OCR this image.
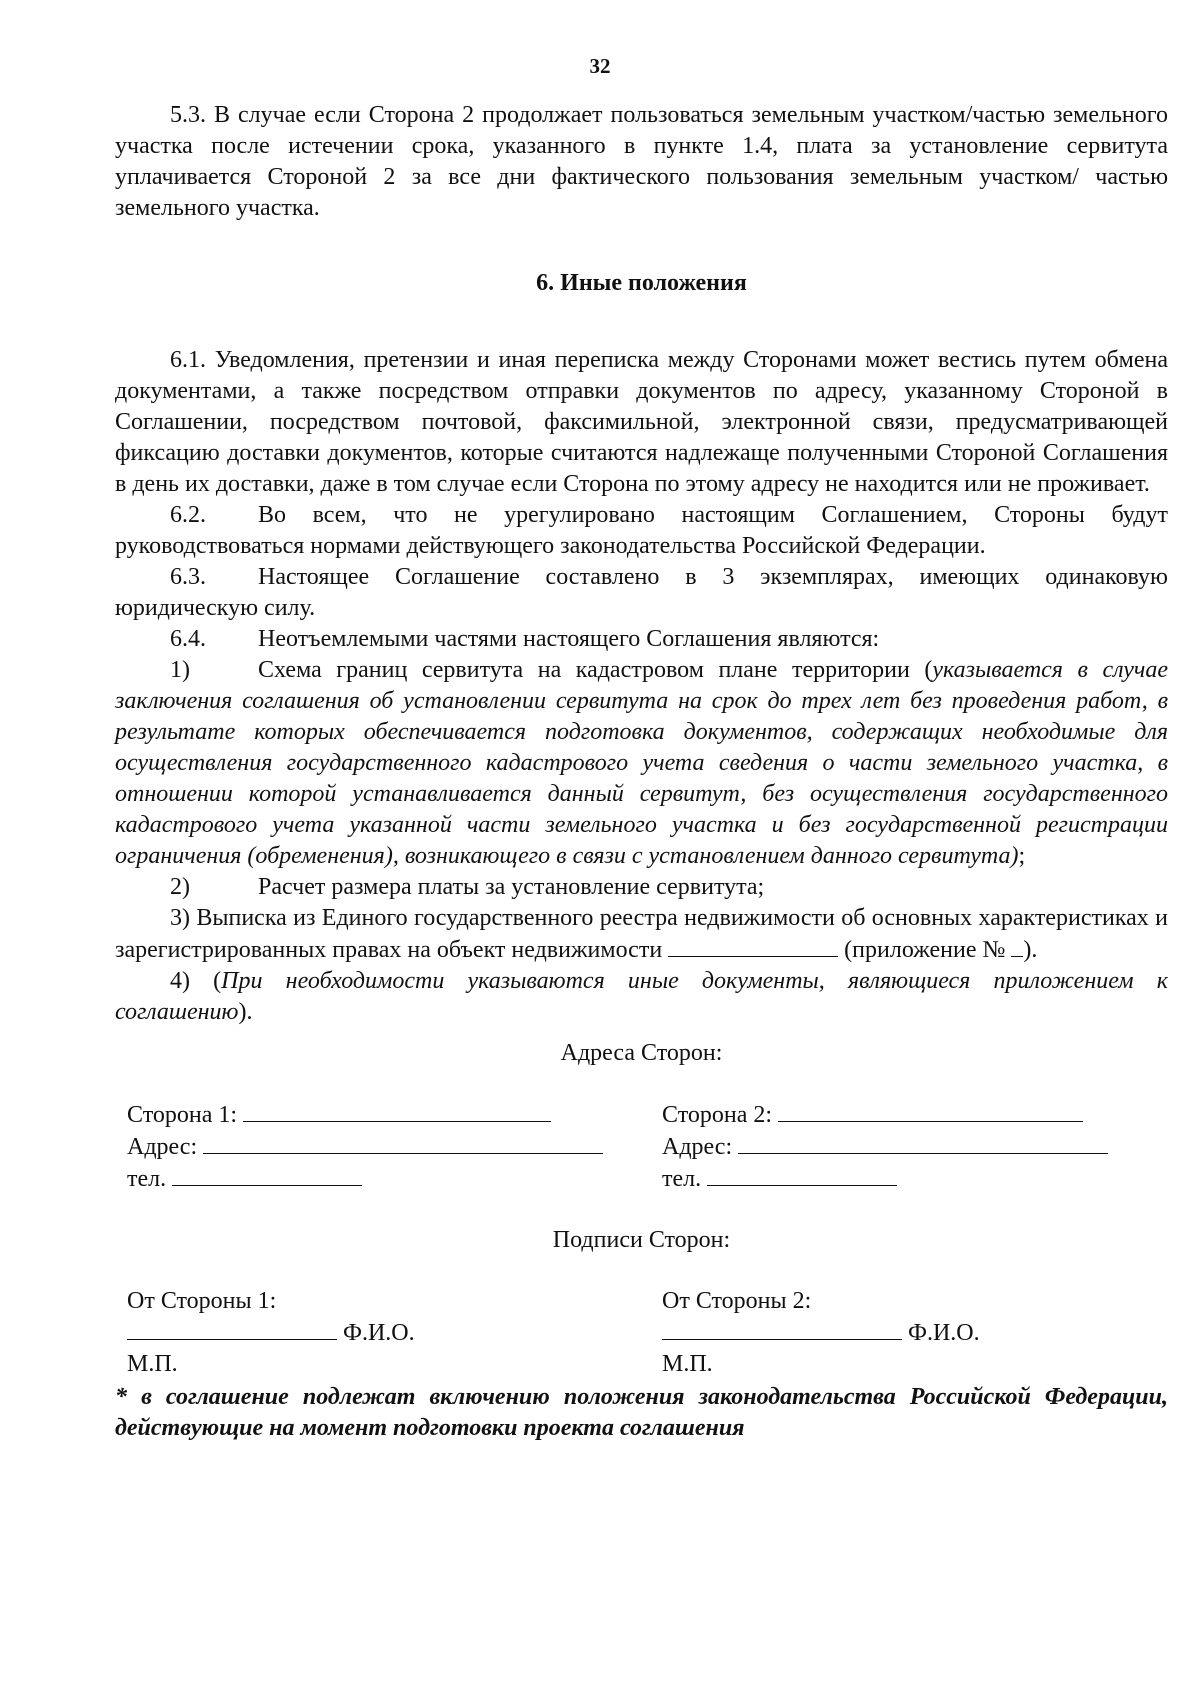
32

5.3. В случае если Сторона 2 продолжает пользоваться земельным участком/частью земельного участка после истечении срока, указанного в пункте 1.4, плата за установление сервитута уплачивается Стороной 2 за все дни фактического пользования земельным участком/ частью земельного участка.

6. Иные положения

6.1. Уведомления, претензии и иная переписка между Сторонами может вестись путем обмена документами, а также посредством отправки документов по адресу, указанному Стороной в Соглашении, посредством почтовой, факсимильной, электронной связи, предусматривающей фиксацию доставки документов, которые считаются надлежаще полученными Стороной Соглашения в день их доставки, даже в том случае если Сторона по этому адресу не находится или не проживает.

6.2. Во всем, что не урегулировано настоящим Соглашением, Стороны будут руководствоваться нормами действующего законодательства Российской Федерации.

6.3. Настоящее Соглашение составлено в 3 экземплярах, имеющих одинаковую юридическую силу.

6.4. Неотъемлемыми частями настоящего Соглашения являются:

1)	Схема границ сервитута на кадастровом плане территории (указывается в случае заключения соглашения об установлении сервитута на срок до трех лет без проведения работ, в результате которых обеспечивается подготовка документов, содержащих необходимые для осуществления государственного кадастрового учета сведения о части земельного участка, в отношении которой устанавливается данный сервитут, без осуществления государственного кадастрового учета указанной части земельного участка и без государственной регистрации ограничения (обременения), возникающего в связи с установлением данного сервитута);

2)	Расчет размера платы за установление сервитута;

3) Выписка из Единого государственного реестра недвижимости об основных характеристиках и зарегистрированных правах на объект недвижимости	(приложение № ).

4) (При необходимости указываются иные документы, являющиеся приложением к соглашению).

Адреса Сторон:

Сторона 1:
Адрес:
тел.
Сторона 2:
Адрес:
тел.

Подписи Сторон:

От Стороны 1:
Ф.И.О.
М.П.
От Стороны 2:
Ф.И.О.
М.П.

* в соглашение подлежат включению положения законодательства Российской Федерации, действующие на момент подготовки проекта соглашения
